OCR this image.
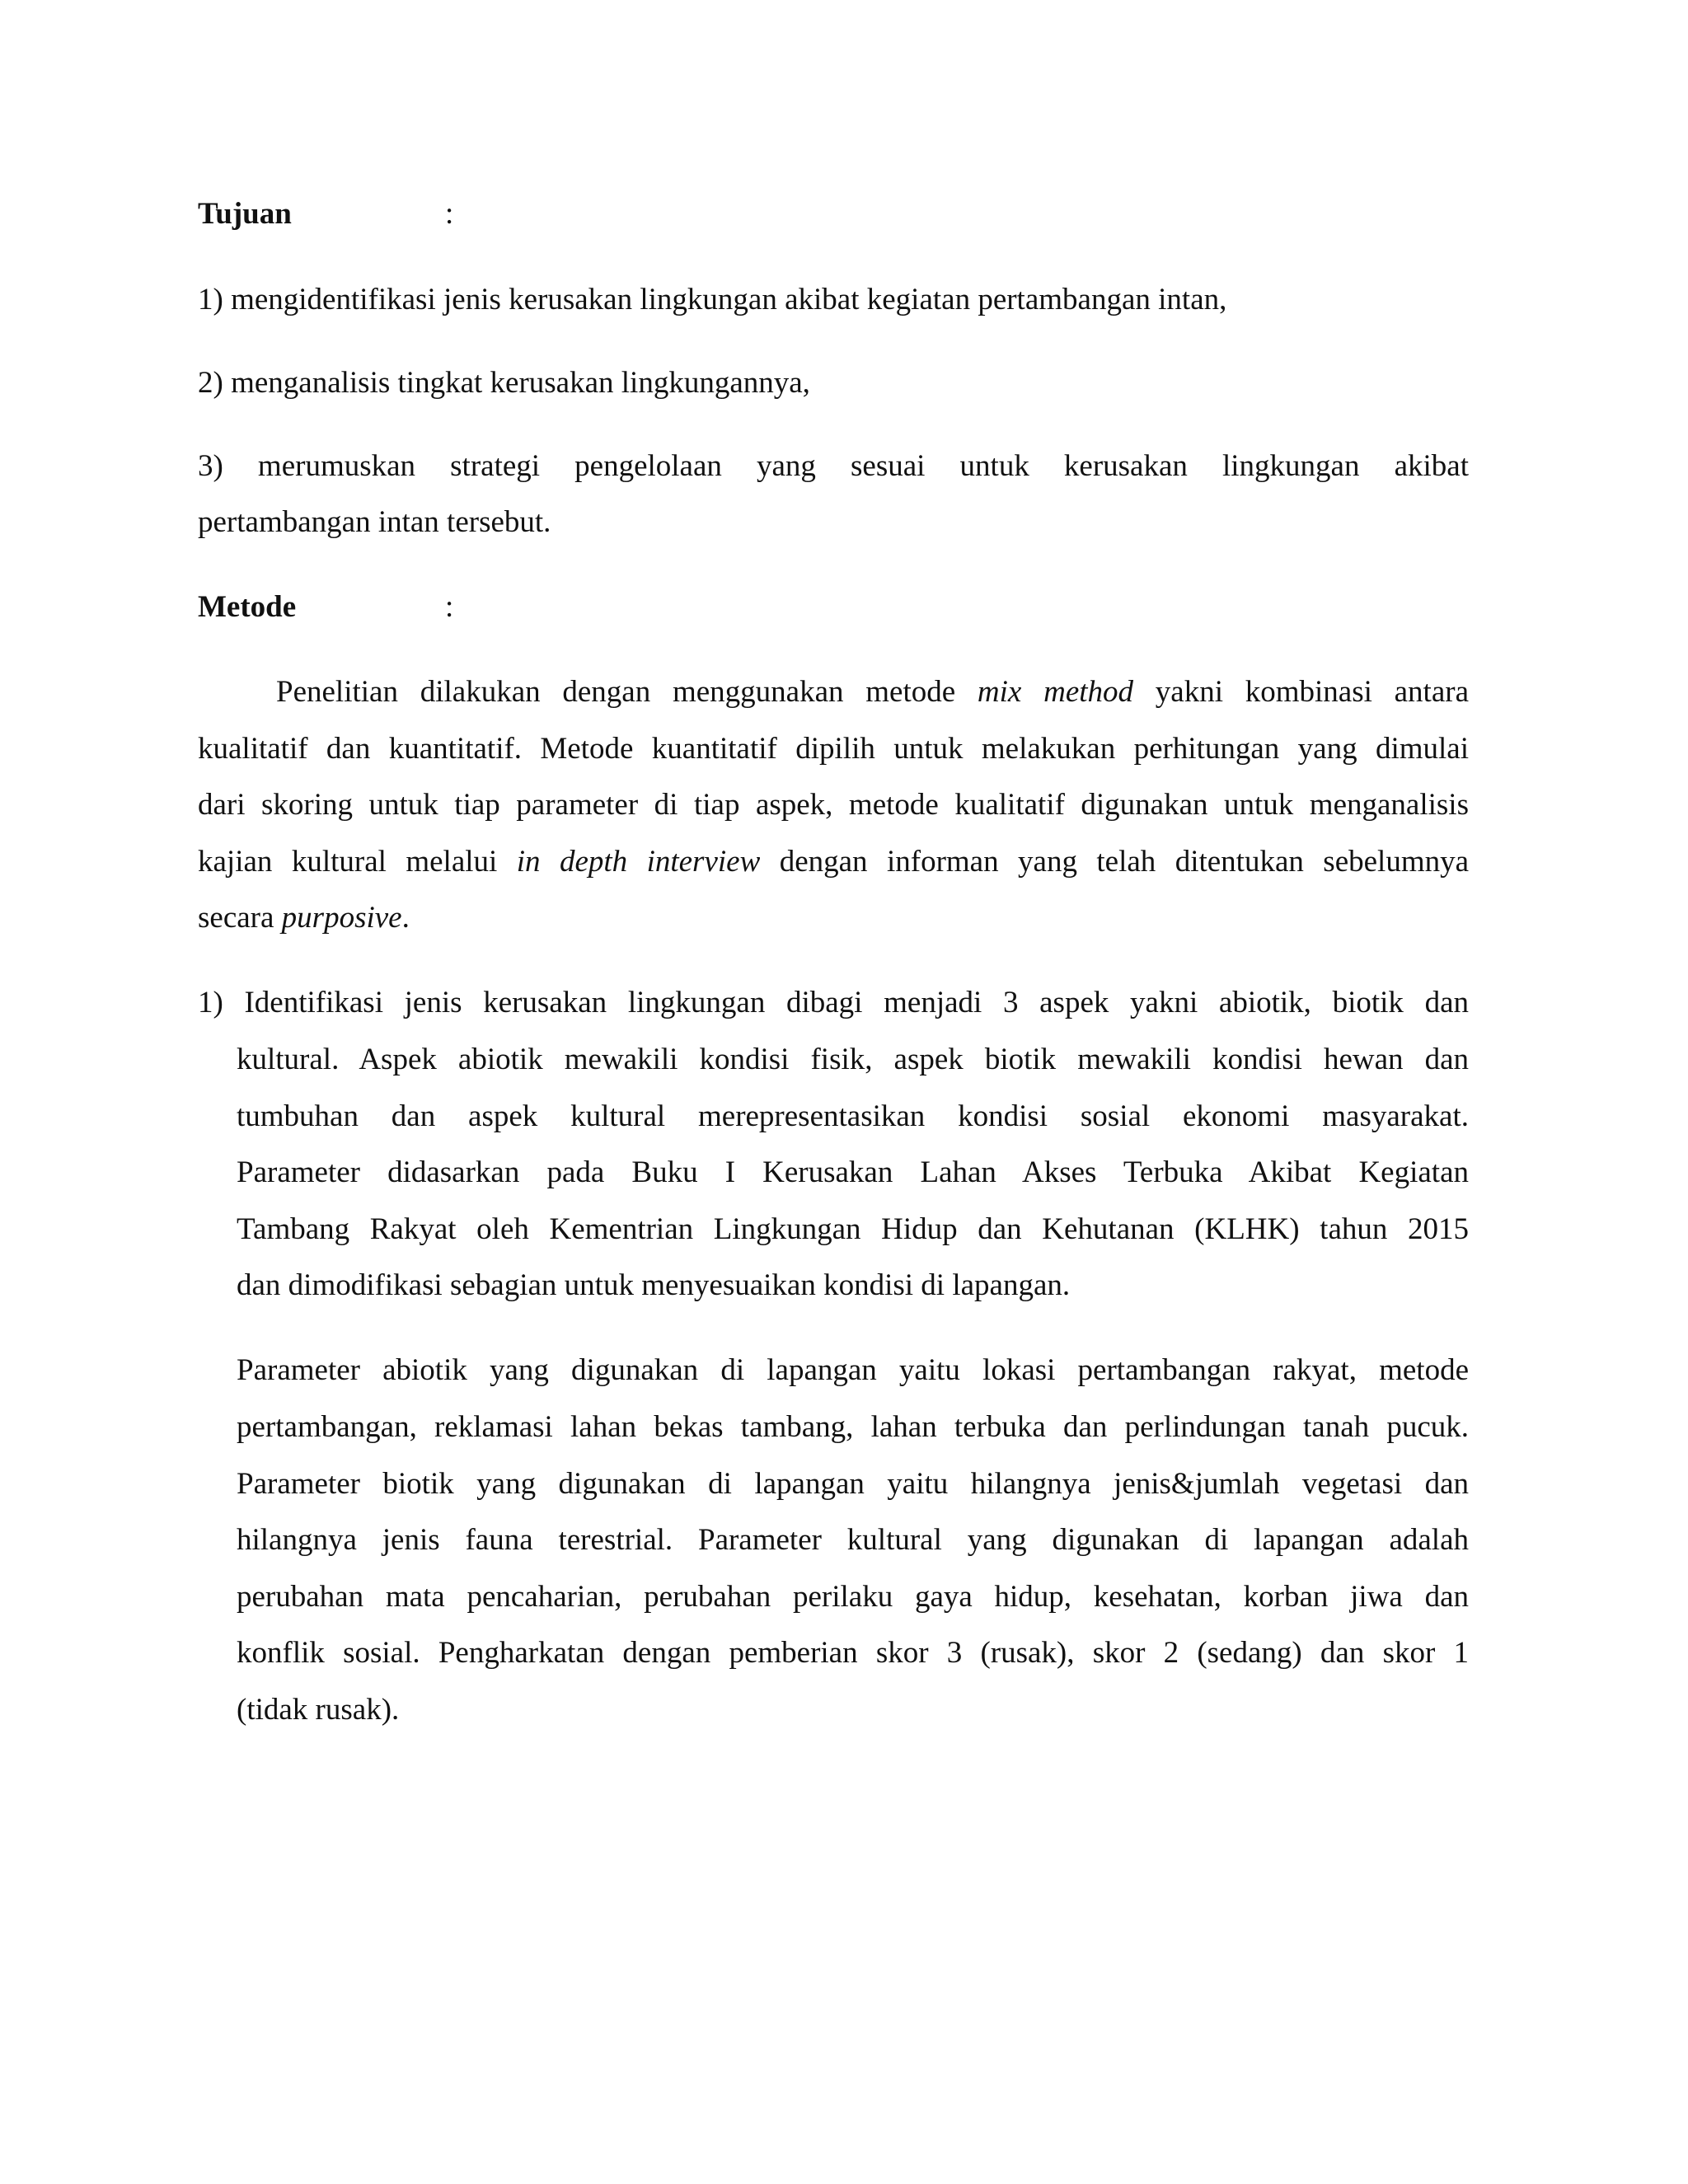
Tujuan	:
1) mengidentifikasi jenis kerusakan lingkungan akibat kegiatan pertambangan intan,
2) menganalisis tingkat kerusakan lingkungannya,
3) merumuskan strategi pengelolaan yang sesuai untuk kerusakan lingkungan akibat
pertambangan intan tersebut.
Metode	:
Penelitian dilakukan dengan menggunakan metode mix method yakni kombinasi antara
kualitatif dan kuantitatif. Metode kuantitatif dipilih untuk melakukan perhitungan yang dimulai
dari skoring untuk tiap parameter di tiap aspek, metode kualitatif digunakan untuk menganalisis
kajian kultural melalui in depth interview dengan informan yang telah ditentukan sebelumnya
secara purposive.
1) Identifikasi jenis kerusakan lingkungan dibagi menjadi 3 aspek yakni abiotik, biotik dan
kultural. Aspek abiotik mewakili kondisi fisik, aspek biotik mewakili kondisi hewan dan
tumbuhan dan aspek kultural merepresentasikan kondisi sosial ekonomi masyarakat.
Parameter didasarkan pada Buku I Kerusakan Lahan Akses Terbuka Akibat Kegiatan
Tambang Rakyat oleh Kementrian Lingkungan Hidup dan Kehutanan (KLHK) tahun 2015
dan dimodifikasi sebagian untuk menyesuaikan kondisi di lapangan.
Parameter abiotik yang digunakan di lapangan yaitu lokasi pertambangan rakyat, metode
pertambangan, reklamasi lahan bekas tambang, lahan terbuka dan perlindungan tanah pucuk.
Parameter biotik yang digunakan di lapangan yaitu hilangnya jenis&jumlah vegetasi dan
hilangnya jenis fauna terestrial. Parameter kultural yang digunakan di lapangan adalah
perubahan mata pencaharian, perubahan perilaku gaya hidup, kesehatan, korban jiwa dan
konflik sosial. Pengharkatan dengan pemberian skor 3 (rusak), skor 2 (sedang) dan skor 1
(tidak rusak).
